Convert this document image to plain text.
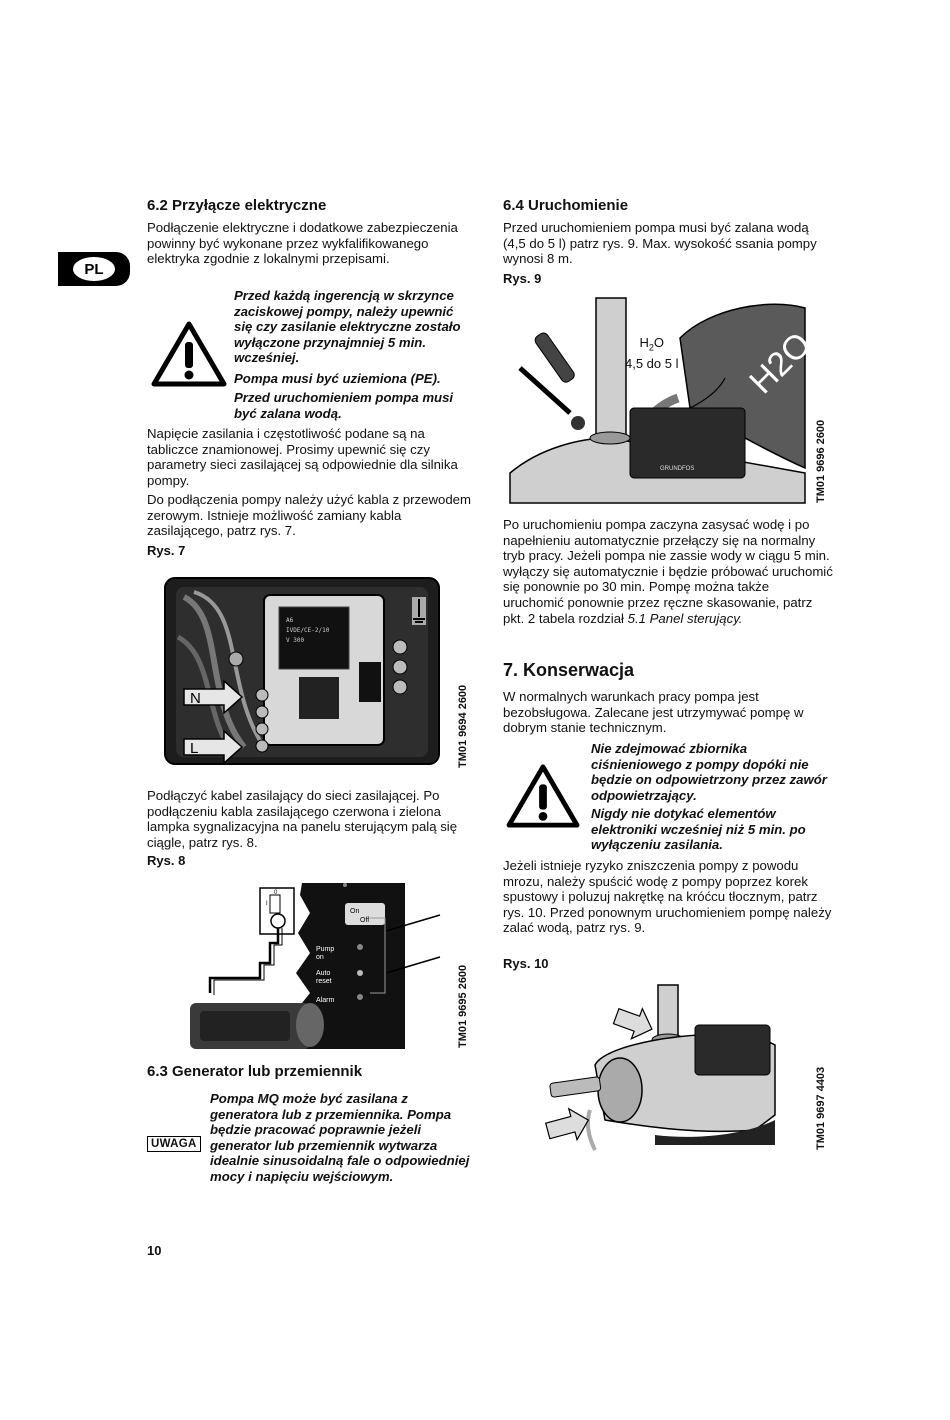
PL
6.2 Przyłącze elektryczne

Podłączenie elektryczne i dodatkowe zabezpieczenia powinny być wykonane przez wykfalifikowanego elektryka zgodnie z lokalnymi przepisami.

Przed każdą ingerencją w skrzynce zaciskowej pompy, należy upewnić się czy zasilanie elektryczne zostało wyłączone przynajmniej 5 min. wcześniej.

Pompa musi być uziemiona (PE).

Przed uruchomieniem pompa musi być zalana wodą.

Napięcie zasilania i częstotliwość podane są na tabliczce znamionowej. Prosimy upewnić się czy parametry sieci zasilającej są odpowiednie dla silnika pompy.

Do podłączenia pompy należy użyć kabla z przewodem zerowym. Istnieje możliwość zamiany kabla zasilającego, patrz rys. 7.

Rys. 7
A6
IVDE/CE-2/10
V 300
N
L	TM01 9694 2600

Podłączyć kabel zasilający do sieci zasilającej. Po podłączeniu kabla zasilającego czerwona i zielona lampka sygnalizacyjna na panelu sterującym palą się ciągle, patrz rys. 8.

Rys. 8
On
Off
Pump
on
Auto
reset
Alarm
0
I
TM01 9695 2600
6.3 Generator lub przemiennik
UWAGA

Pompa MQ może być zasilana z generatora lub z przemiennika. Pompa będzie pracować poprawnie jeżeli generator lub przemiennik wytwarza idealnie sinusoidalną fale o odpowiedniej mocy i napięciu wejściowym.

10
6.4 Uruchomienie

Przed uruchomieniem pompa musi być zalana wodą (4,5 do 5 l) patrz rys. 9. Max. wysokość ssania pompy wynosi 8 m.

Rys. 9
H2O
GRUNDFOS
$H_2O$
4,5 do 5 l
TM01 9696 2600

Po uruchomieniu pompa zaczyna zasysać wodę i po napełnieniu automatycznie przełączy się na normalny tryb pracy. Jeżeli pompa nie zassie wody w ciągu 5 min. wyłączy się automatycznie i będzie próbować uruchomić się ponownie po 30 min. Pompę można także uruchomić ponownie przez ręczne skasowanie, patrz pkt. 2 tabela rozdział 5.1 Panel sterujący.

7. Konserwacja

W normalnych warunkach pracy pompa jest bezobsługowa. Zalecane jest utrzymywać pompę w dobrym stanie technicznym.

Nie zdejmować zbiornika ciśnieniowego z pompy dopóki nie będzie on odpowietrzony przez zawór odpowietrzający.

Nigdy nie dotykać elementów elektroniki wcześniej niż 5 min. po wyłączeniu zasilania.

Jeżeli istnieje ryzyko zniszczenia pompy z powodu mrozu, należy spuścić wodę z pompy poprzez korek spustowy i poluzuj nakrętkę na króćcu tłocznym, patrz rys. 10. Przed ponownym uruchomieniem pompę należy zalać wodą, patrz rys. 9.

Rys. 10
TM01 9697 4403
